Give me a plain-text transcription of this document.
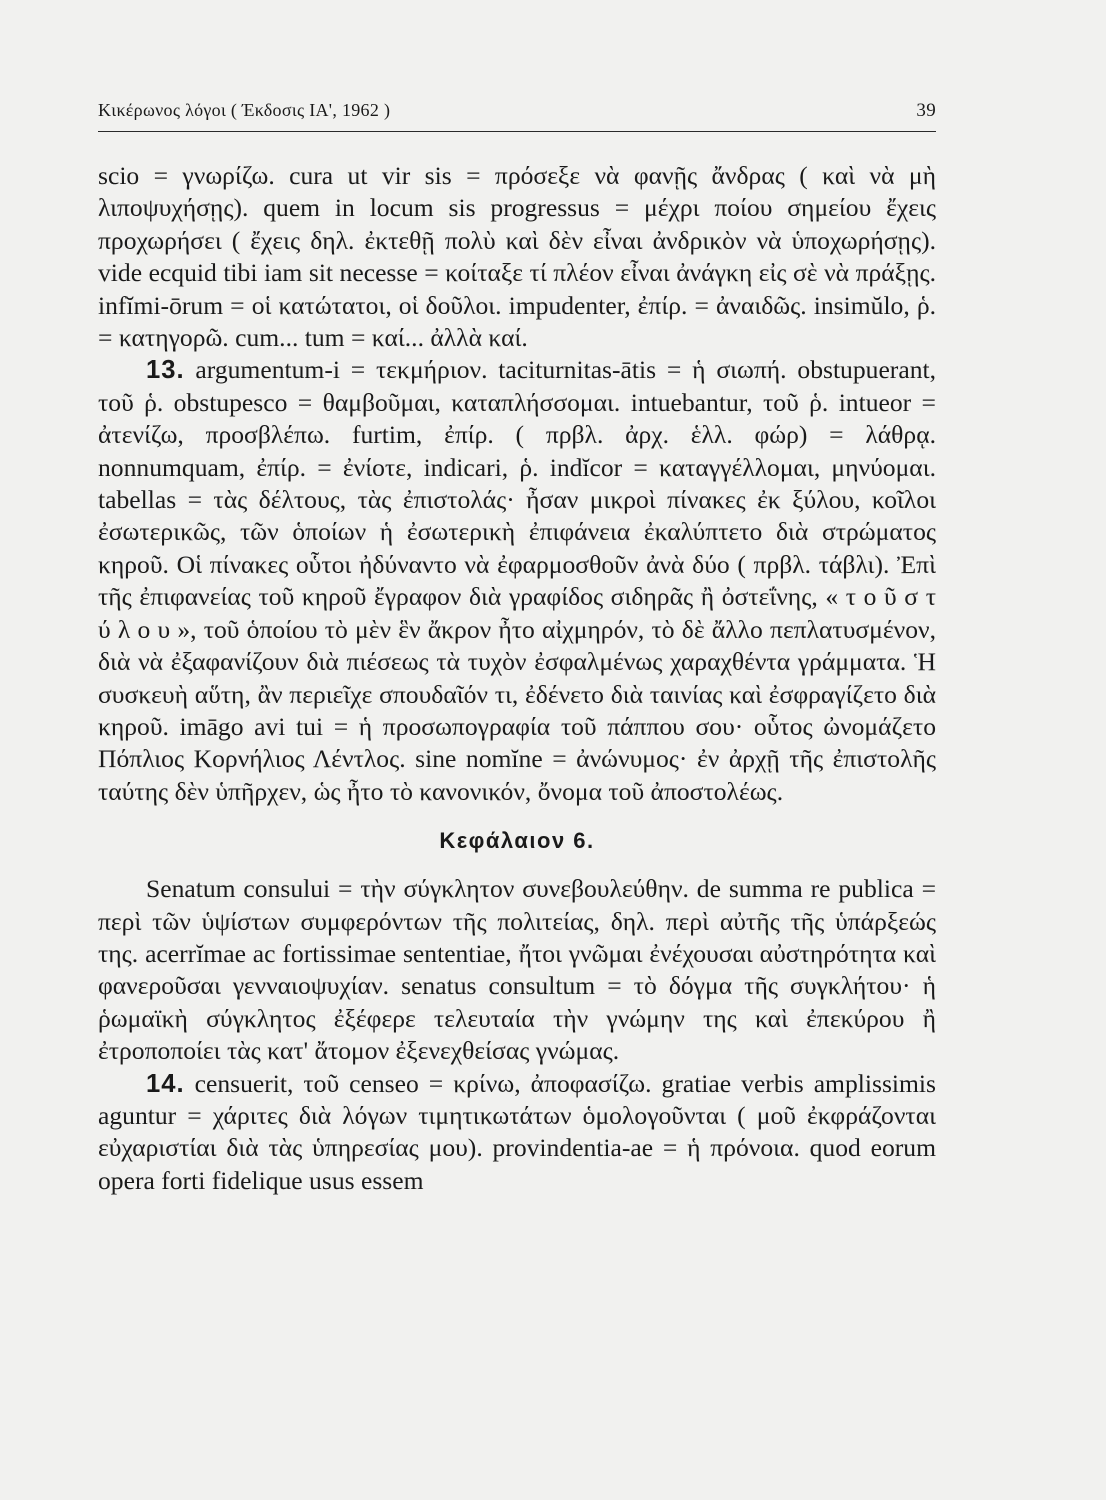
Κικέρωνος λόγοι ( Έκδοσις ΙΑ', 1962 )	39

scio = γνωρίζω. cura ut vir sis = πρόσεξε νὰ φανῇς ἄνδρας ( καὶ νὰ μὴ λιποψυχήσῃς). quem in locum sis progressus = μέχρι ποίου σημείου ἔχεις προχωρήσει ( ἔχεις δηλ. ἐκτεθῇ πολὺ καὶ δὲν εἶναι ἀνδρικὸν νὰ ὑποχωρήσῃς). vide ecquid tibi iam sit necesse = κοίταξε τί πλέον εἶναι ἀνάγκη εἰς σὲ νὰ πράξῃς. infĭmi-ōrum = οἱ κατώτατοι, οἱ δοῦλοι. impudenter, ἐπίρ. = ἀναιδῶς. insimŭlo, ῥ. = κατηγορῶ. cum... tum = καί... ἀλλὰ καί.

13. argumentum-i = τεκμήριον. taciturnitas-ātis = ἡ σιωπή. obstupuerant, τοῦ ῥ. obstupesco = θαμβοῦμαι, καταπλήσσομαι. intuebantur, τοῦ ῥ. intueor = ἀτενίζω, προσβλέπω. furtim, ἐπίρ. ( πρβλ. ἀρχ. ἑλλ. φώρ) = λάθρᾳ. nonnumquam, ἐπίρ. = ἐνίοτε, indicari, ῥ. indĭcor = καταγγέλλομαι, μηνύομαι. tabellas = τὰς δέλτους, τὰς ἐπιστολάς· ἦσαν μικροὶ πίνακες ἐκ ξύλου, κοῖλοι ἐσωτερικῶς, τῶν ὁποίων ἡ ἐσωτερικὴ ἐπιφάνεια ἐκαλύπτετο διὰ στρώματος κηροῦ. Οἱ πίνακες οὗτοι ἠδύναντο νὰ ἐφαρμοσθοῦν ἀνὰ δύο ( πρβλ. τάβλι). Ἐπὶ τῆς ἐπιφανείας τοῦ κηροῦ ἔγραφον διὰ γραφίδος σιδηρᾶς ἢ ὀστεΐνης, « τ ο ῦ σ τ ύ λ ο υ », τοῦ ὁποίου τὸ μὲν ἓν ἄκρον ἦτο αἰχμηρόν, τὸ δὲ ἄλλο πεπλατυσμένον, διὰ νὰ ἐξαφανίζουν διὰ πιέσεως τὰ τυχὸν ἐσφαλμένως χαραχθέντα γράμματα. Ἡ συσκευὴ αὕτη, ἂν περιεῖχε σπουδαῖόν τι, ἐδένετο διὰ ταινίας καὶ ἐσφραγίζετο διὰ κηροῦ. imāgo avi tui = ἡ προσωπογραφία τοῦ πάππου σου· οὗτος ὠνομάζετο Πόπλιος Κορνήλιος Λέντλος. sine nomĭne = ἀνώνυμος· ἐν ἀρχῇ τῆς ἐπιστολῆς ταύτης δὲν ὑπῆρχεν, ὡς ἦτο τὸ κανονικόν, ὄνομα τοῦ ἀποστολέως.

Κεφάλαιον 6.

Senatum consului = τὴν σύγκλητον συνεβουλεύθην. de summa re publica = περὶ τῶν ὑψίστων συμφερόντων τῆς πολιτείας, δηλ. περὶ αὐτῆς τῆς ὑπάρξεώς της. acerrĭmae ac fortissimae sententiae, ἤτοι γνῶμαι ἐνέχουσαι αὐστηρότητα καὶ φανεροῦσαι γενναιοψυχίαν. senatus consultum = τὸ δόγμα τῆς συγκλήτου· ἡ ῥωμαϊκὴ σύγκλητος ἐξέφερε τελευταία τὴν γνώμην της καὶ ἐπεκύρου ἢ ἐτροποποίει τὰς κατ' ἄτομον ἐξενεχθείσας γνώμας.

14. censuerit, τοῦ censeo = κρίνω, ἀποφασίζω. gratiae verbis amplissimis aguntur = χάριτες διὰ λόγων τιμητικωτάτων ὁμολογοῦνται ( μοῦ ἐκφράζονται εὐχαριστίαι διὰ τὰς ὑπηρεσίας μου). provindentia-ae = ἡ πρόνοια. quod eorum opera forti fidelique usus essem
